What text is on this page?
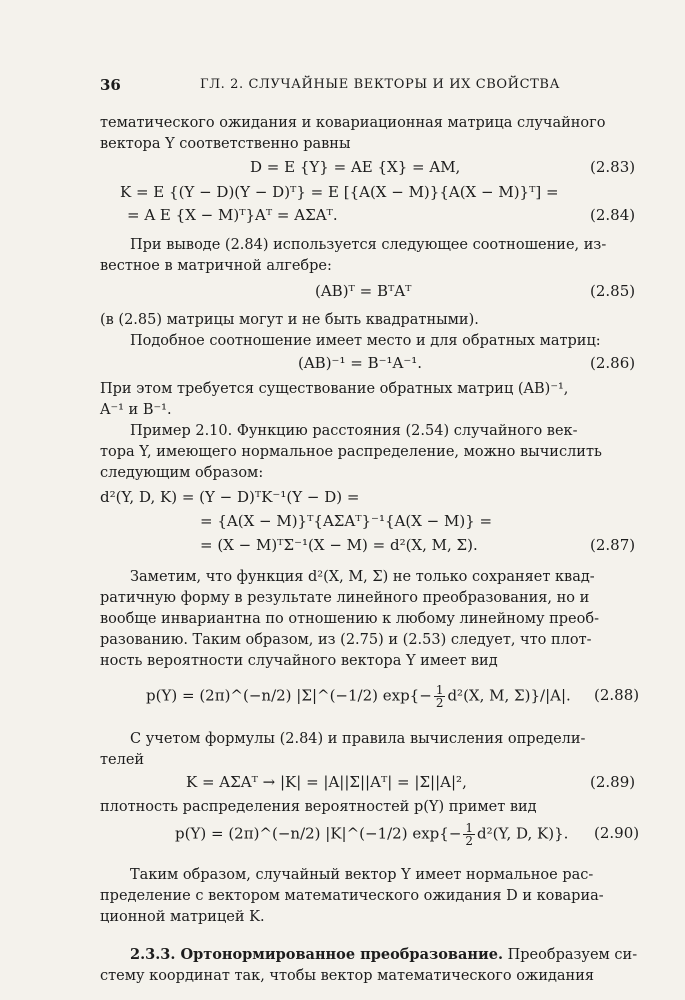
36	ГЛ. 2. СЛУЧАЙНЫЕ ВЕКТОРЫ И ИХ СВОЙСТВА
тематического ожидания и ковариационная матрица случайного
вектора Y соответственно равны
D = E {Y} = AE {X} = AM,	(2.83)
K = E {(Y − D)(Y − D)ᵀ} = E [{A(X − M)}{A(X − M)}ᵀ] =
= A E {X − M)ᵀ}Aᵀ = AΣAᵀ.	(2.84)
При выводе (2.84) используется следующее соотношение, из-
вестное в матричной алгебре:
(AB)ᵀ = BᵀAᵀ	(2.85)
(в (2.85) матрицы могут и не быть квадратными).
Подобное соотношение имеет место и для обратных матриц:
(AB)⁻¹ = B⁻¹A⁻¹.	(2.86)
При этом требуется существование обратных матриц (AB)⁻¹,
A⁻¹ и B⁻¹.
Пример 2.10. Функцию расстояния (2.54) случайного век-
тора Y, имеющего нормальное распределение, можно вычислить
следующим образом:
d²(Y, D, K) = (Y − D)ᵀK⁻¹(Y − D) =
= {A(X − M)}ᵀ{AΣAᵀ}⁻¹{A(X − M)} =
= (X − M)ᵀΣ⁻¹(X − M) = d²(X, M, Σ).	(2.87)
Заметим, что функция d²(X, M, Σ) не только сохраняет квад-
ратичную форму в результате линейного преобразования, но и
вообще инвариантна по отношению к любому линейному преоб-
разованию. Таким образом, из (2.75) и (2.53) следует, что плот-
ность вероятности случайного вектора Y имеет вид
p(Y) = (2π)^(−n/2) |Σ|^(−1/2) $\exp\{- \frac{1}{2} d^2(X$, M, Σ)}/|A|. (2.88)
С учетом формулы (2.84) и правила вычисления определи-
телей
K = AΣAᵀ → |K| = |A||Σ||Aᵀ| = |Σ||A|²,	(2.89)
плотность распределения вероятностей p(Y) примет вид
p(Y) = (2π)^(−n/2) |K|^(−1/2) $\exp\{- \frac{1}{2} d^2(Y$, D, K)}. (2.90)
Таким образом, случайный вектор Y имеет нормальное рас-
пределение с вектором математического ожидания D и ковариа-
ционной матрицей K.
2.3.3. Ортонормированное преобразование. Преобразуем си-
стему координат так, чтобы вектор математического ожидания
